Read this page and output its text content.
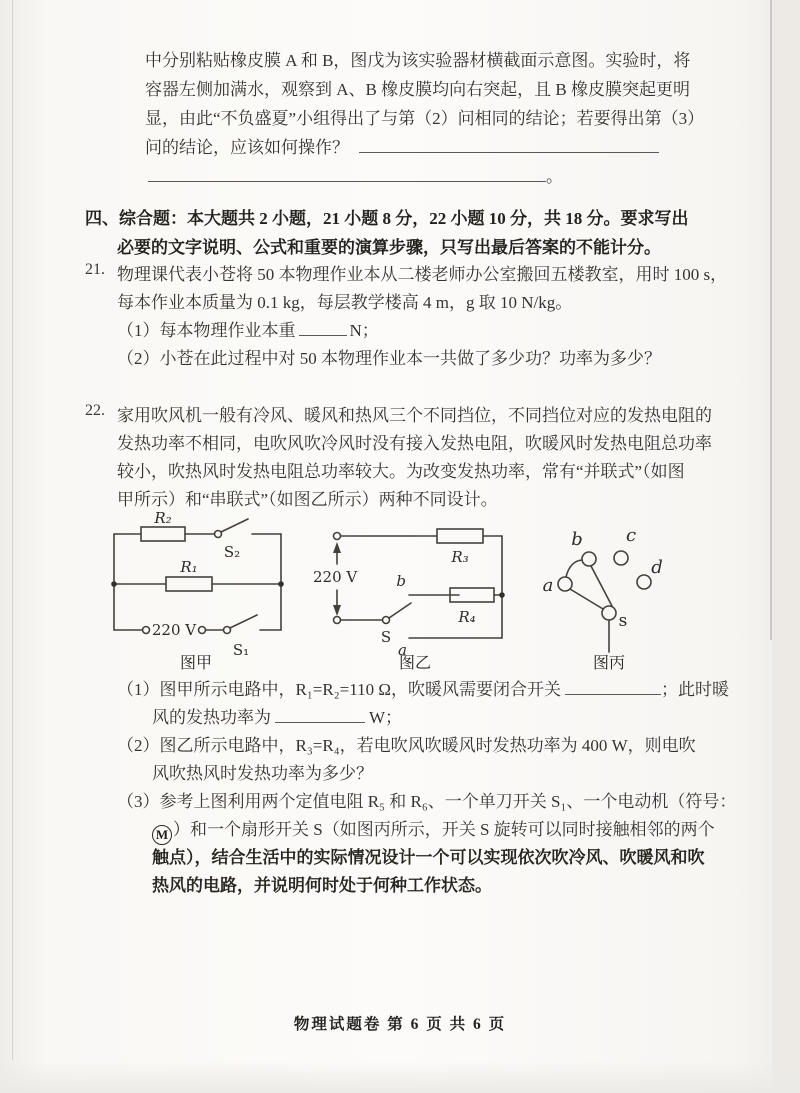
中分别粘贴橡皮膜 A 和 B，图戊为该实验器材横截面示意图。实验时，将
容器左侧加满水，观察到 A、B 橡皮膜均向右突起，且 B 橡皮膜突起更明
显，由此“不负盛夏”小组得出了与第（2）问相同的结论；若要得出第（3）
问的结论，应该如何操作？
。
四、综合题：本大题共 2 小题，21 小题 8 分，22 小题 10 分，共 18 分。要求写出
必要的文字说明、公式和重要的演算步骤，只写出最后答案的不能计分。
21. 物理课代表小苍将 50 本物理作业本从二楼老师办公室搬回五楼教室，用时 100 s，
每本作业本质量为 0.1 kg，每层教学楼高 4 m，g 取 10 N/kg。
（1）每本物理作业本重	N；
（2）小苍在此过程中对 50 本物理作业本一共做了多少功？功率为多少？
22. 家用吹风机一般有冷风、暖风和热风三个不同挡位，不同挡位对应的发热电阻的
发热功率不相同，电吹风吹冷风时没有接入发热电阻，吹暖风时发热电阻总功率
较小，吹热风时发热电阻总功率较大。为改变发热功率，常有“并联式”（如图
甲所示）和“串联式”（如图乙所示）两种不同设计。
R₂
S₂
R₁
220 V
S₁
图甲
R₃
220 V	b
R₄
S
a
图乙
a
b c
d
s
图丙
（1）图甲所示电路中，R₁=R₂=110 Ω，吹暖风需要闭合开关	；此时暖
风的发热功率为	W；
（2）图乙所示电路中，R₃=R₄，若电吹风吹暖风时发热功率为 400 W，则电吹
风吹热风时发热功率为多少？
（3）参考上图利用两个定值电阻 R₅ 和 R₆、一个单刀开关 S₁、一个电动机（符号：
M ）和一个扇形开关 S（如图丙所示，开关 S 旋转可以同时接触相邻的两个
触点），结合生活中的实际情况设计一个可以实现依次吹冷风、吹暖风和吹
热风的电路，并说明何时处于何种工作状态。
物理试题卷 第 6 页 共 6 页
